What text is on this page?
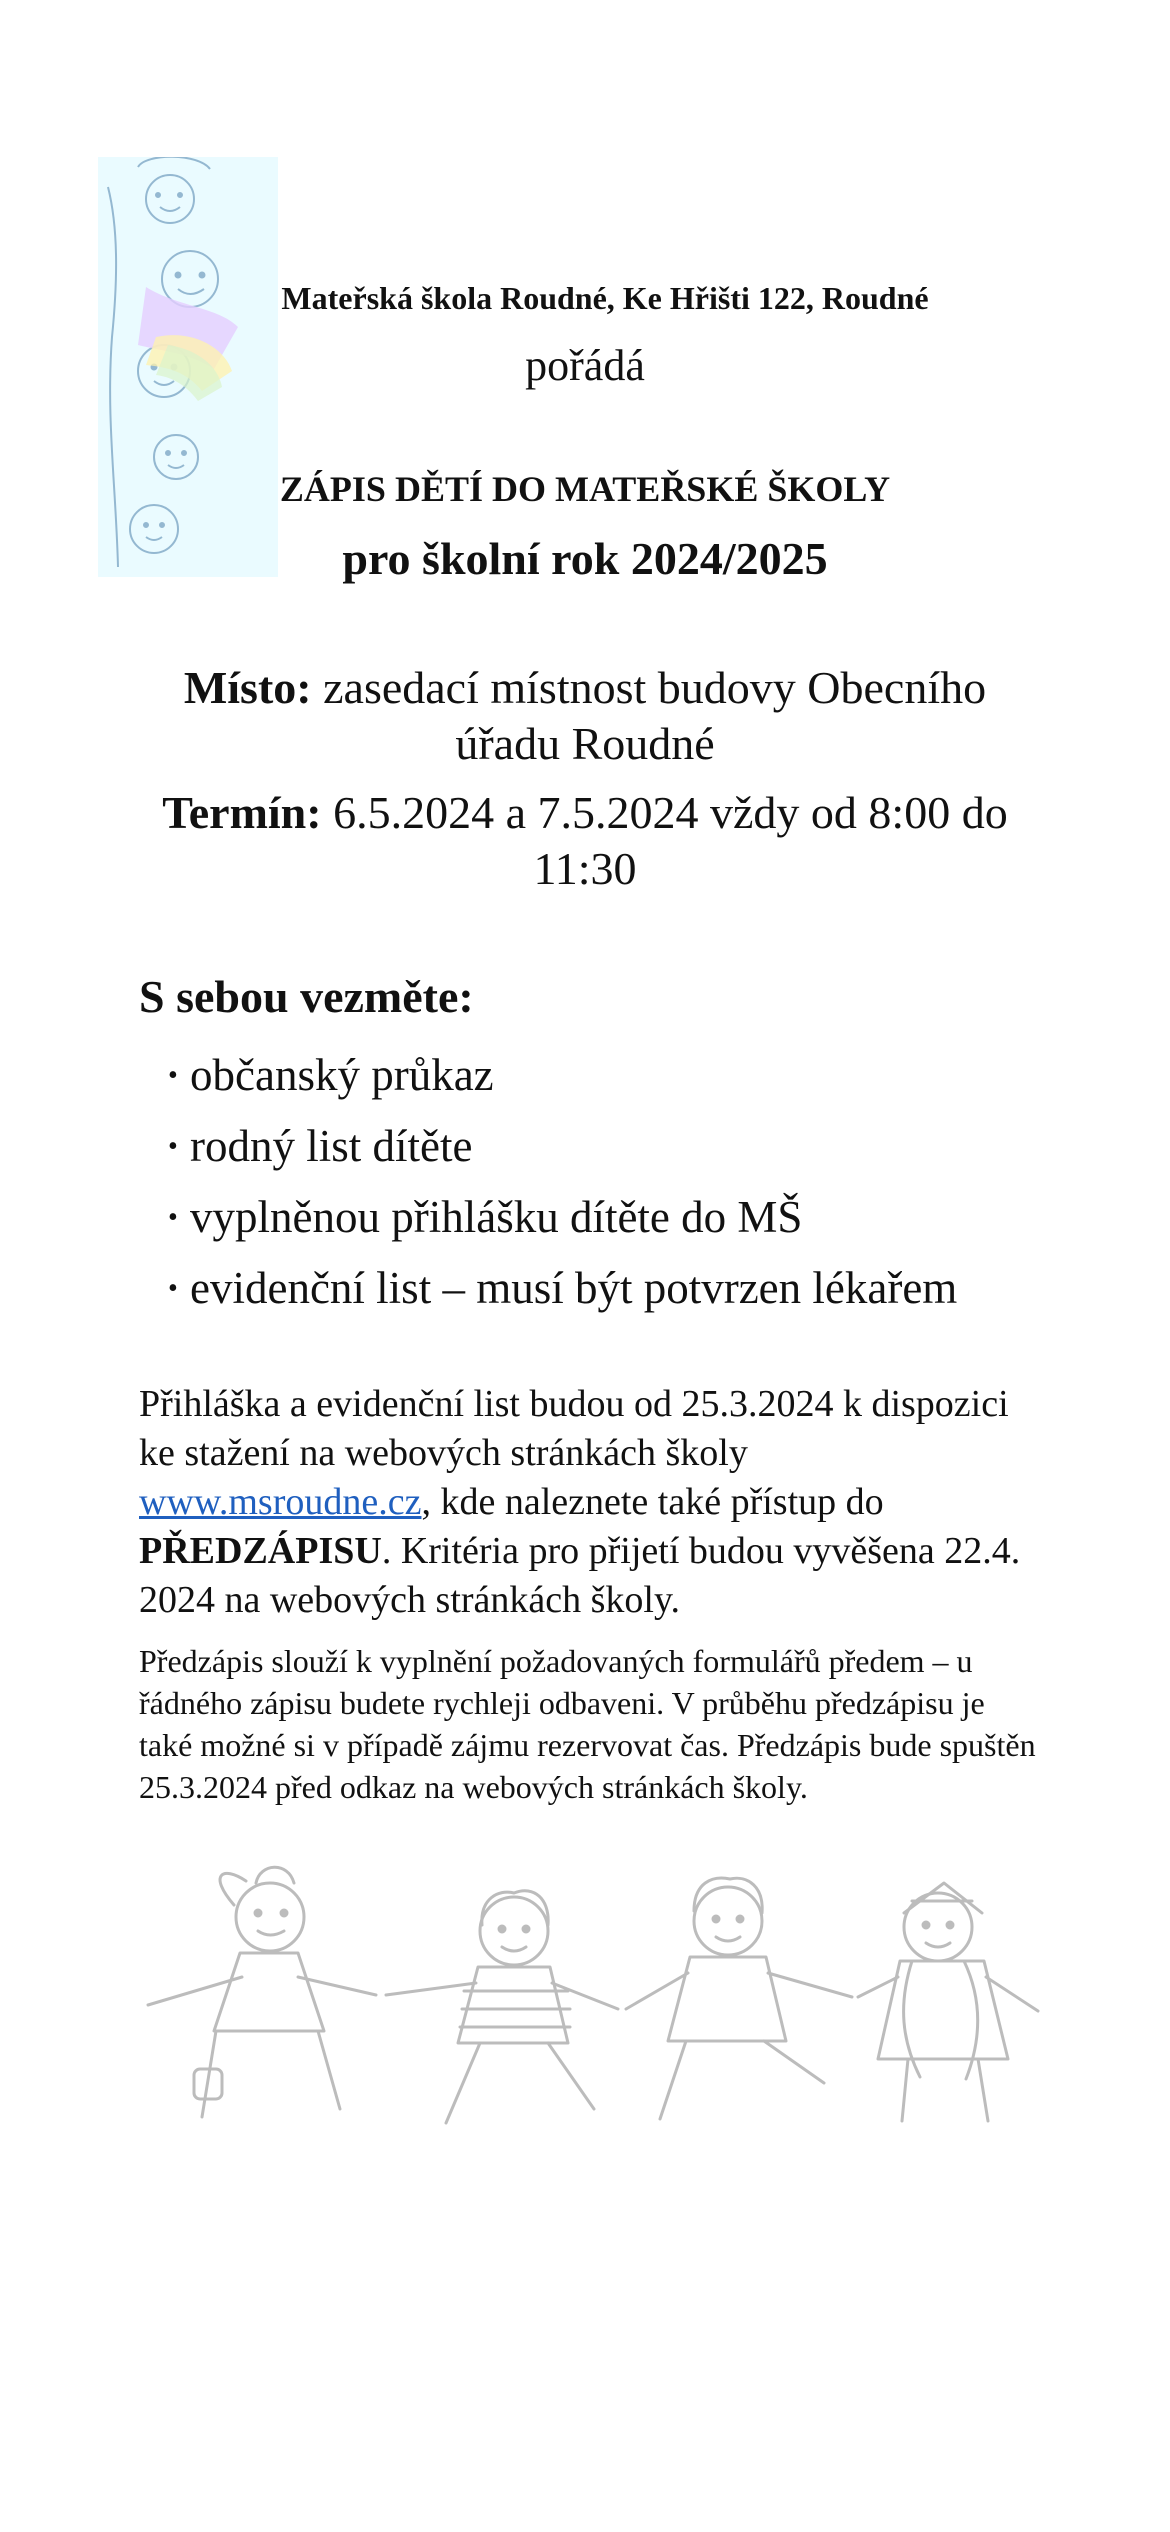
Mateřská škola Roudné, Ke Hřišti 122, Roudné
pořádá
ZÁPIS DĚTÍ DO MATEŘSKÉ ŠKOLY
pro školní rok 2024/2025
Místo: zasedací místnost budovy Obecního úřadu Roudné
Termín: 6.5.2024 a 7.5.2024 vždy od 8:00 do 11:30
S sebou vezměte:
• občanský průkaz
• rodný list dítěte
• vyplněnou přihlášku dítěte do MŠ
• evidenční list – musí být potvrzen lékařem

Přihláška a evidenční list budou od 25.3.2024 k dispozici ke stažení na webových stránkách školy www.msroudne.cz, kde naleznete také přístup do PŘEDZÁPISU. Kritéria pro přijetí budou vyvěšena 22.4. 2024 na webových stránkách školy.

Předzápis slouží k vyplnění požadovaných formulářů předem – u řádného zápisu budete rychleji odbaveni. V průběhu předzápisu je také možné si v případě zájmu rezervovat čas. Předzápis bude spuštěn 25.3.2024 před odkaz na webových stránkách školy.
